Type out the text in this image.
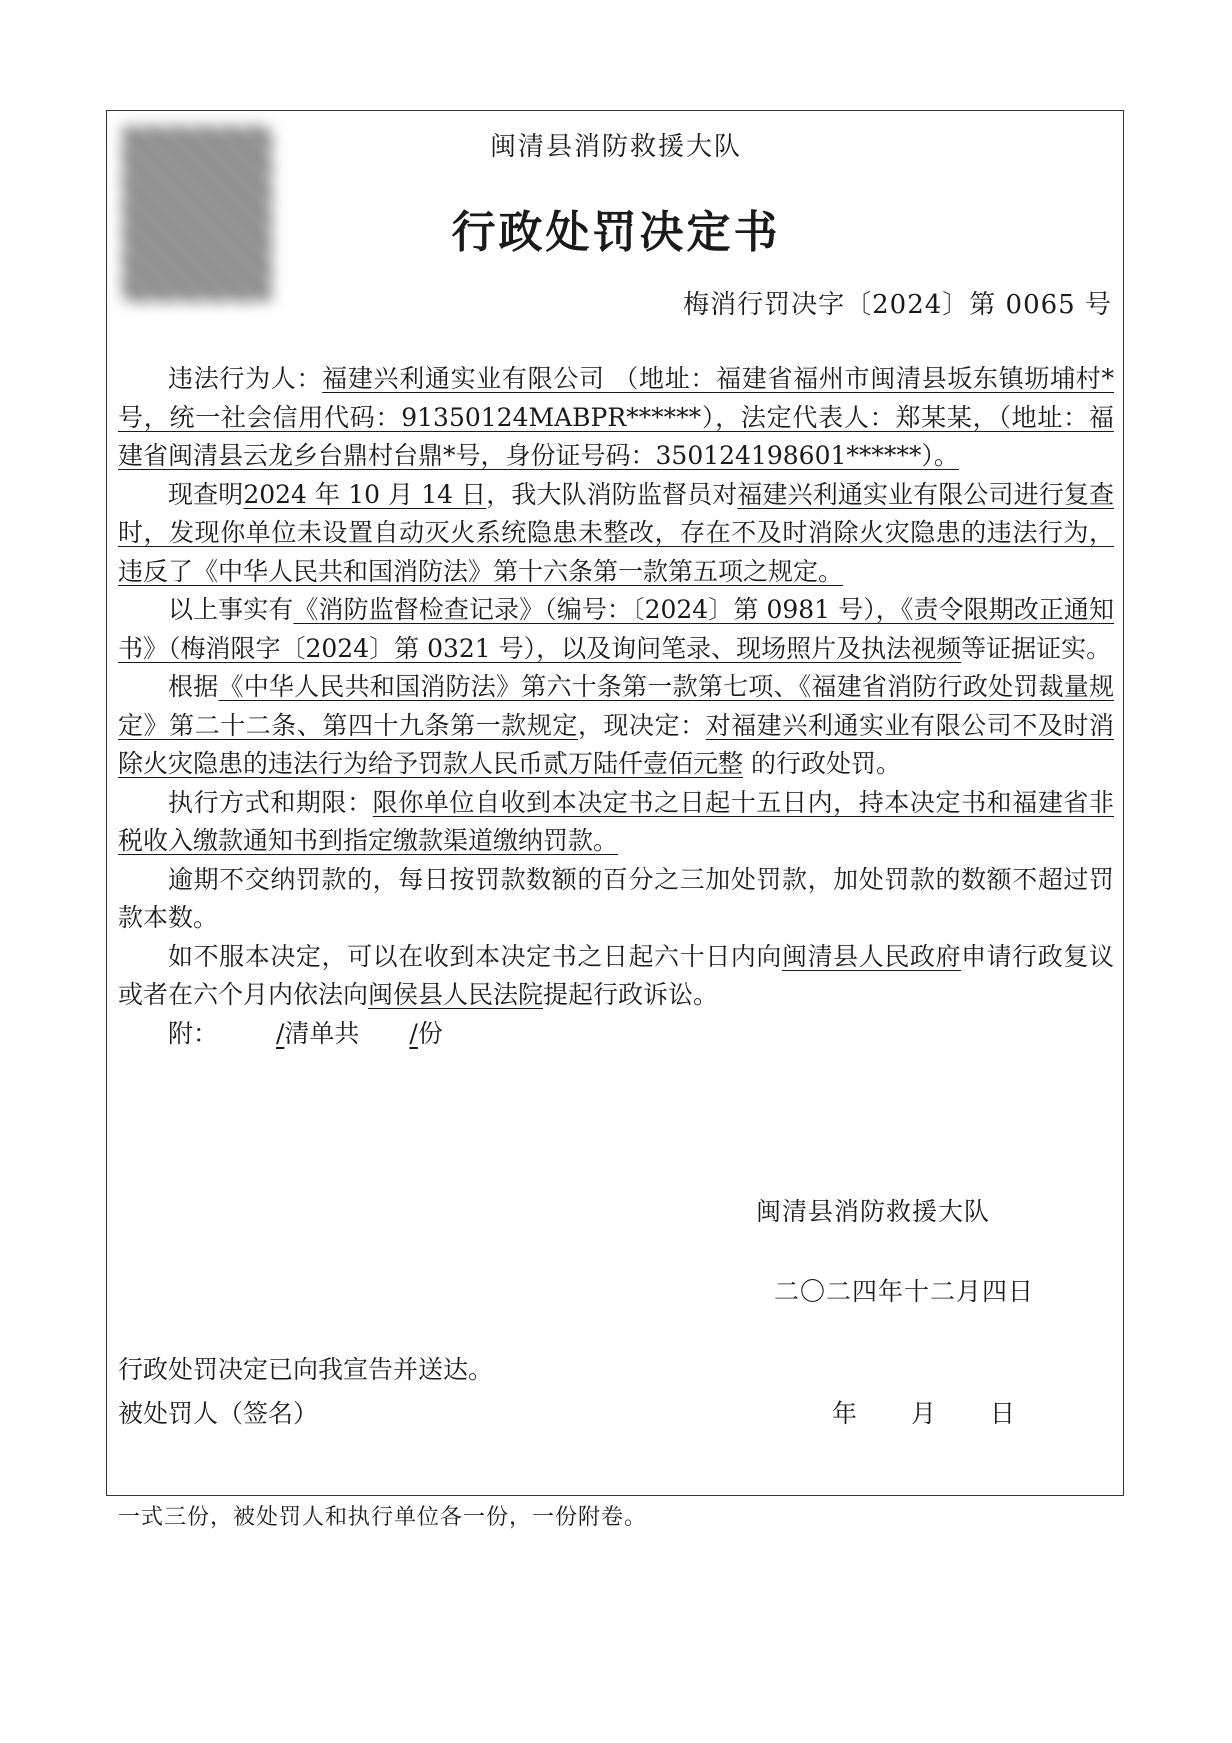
闽清县消防救援大队
行政处罚决定书
梅消行罚决字〔2024〕第 0065 号

违法行为人：福建兴利通实业有限公司 （地址：福建省福州市闽清县坂东镇坜埔村*号，统一社会信用代码：91350124MABPR******），法定代表人：郑某某，（地址：福建省闽清县云龙乡台鼎村台鼎*号，身份证号码：350124198601******）。

现查明2024 年 10 月 14 日，我大队消防监督员对福建兴利通实业有限公司进行复查时，发现你单位未设置自动灭火系统隐患未整改，存在不及时消除火灾隐患的违法行为，违反了《中华人民共和国消防法》第十六条第一款第五项之规定。

以上事实有《消防监督检查记录》（编号：〔2024〕第 0981 号），《责令限期改正通知书》（梅消限字〔2024〕第 0321 号），以及询问笔录、现场照片及执法视频等证据证实。

根据《中华人民共和国消防法》第六十条第一款第七项、《福建省消防行政处罚裁量规定》第二十二条、第四十九条第一款规定，现决定：对福建兴利通实业有限公司不及时消除火灾隐患的违法行为给予罚款人民币贰万陆仟壹佰元整 的行政处罚。

执行方式和期限：限你单位自收到本决定书之日起十五日内，持本决定书和福建省非税收入缴款通知书到指定缴款渠道缴纳罚款。

逾期不交纳罚款的，每日按罚款数额的百分之三加处罚款，加处罚款的数额不超过罚款本数。

如不服本决定，可以在收到本决定书之日起六十日内向闽清县人民政府申请行政复议或者在六个月内依法向闽侯县人民法院提起行政诉讼。

附： /清单共 /份

闽清县消防救援大队
二〇二四年十二月四日
行政处罚决定已向我宣告并送达。
被处罚人（签名）	年 月 日
一式三份，被处罚人和执行单位各一份，一份附卷。
